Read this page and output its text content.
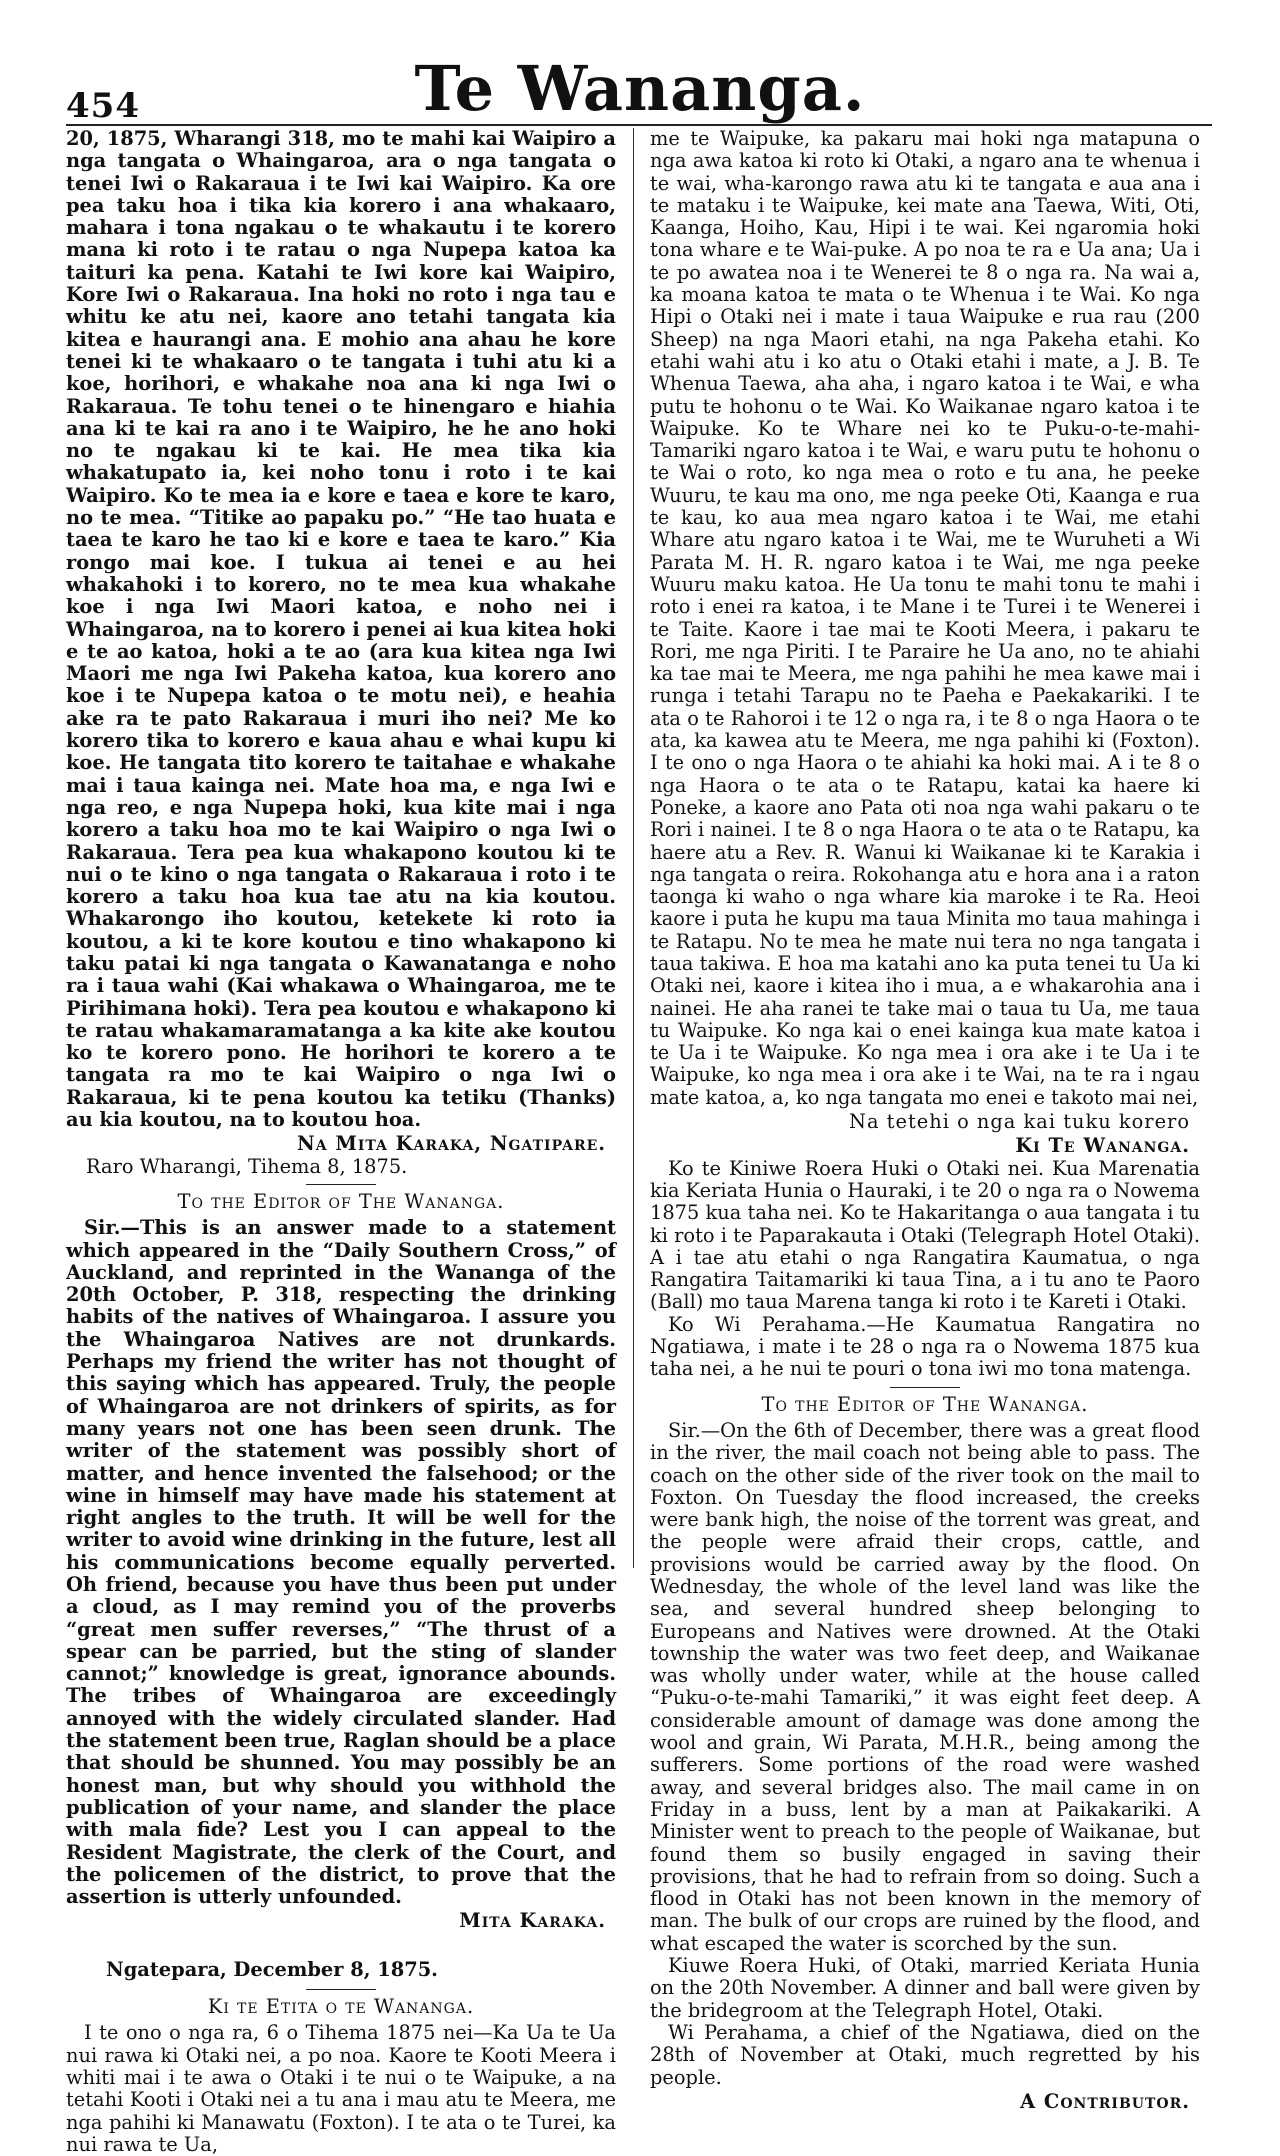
454	Te Wananga.

20, 1875, Wharangi 318, mo te mahi kai Waipiro a nga tangata o Whaingaroa, ara o nga tangata o tenei Iwi o Rakaraua i te Iwi kai Waipiro. Ka ore pea taku hoa i tika kia korero i ana whakaaro, mahara i tona ngakau o te whakautu i te korero mana ki roto i te ratau o nga Nupepa katoa ka taituri ka pena. Katahi te Iwi kore kai Waipiro, Kore Iwi o Rakaraua. Ina hoki no roto i nga tau e whitu ke atu nei, kaore ano tetahi tangata kia kitea e haurangi ana. E mohio ana ahau he kore tenei ki te whakaaro o te tangata i tuhi atu ki a koe, horihori, e whakahe noa ana ki nga Iwi o Rakaraua. Te tohu tenei o te hinengaro e hiahia ana ki te kai ra ano i te Waipiro, he he ano hoki no te ngakau ki te kai. He mea tika kia whakatupato ia, kei noho tonu i roto i te kai Waipiro. Ko te mea ia e kore e taea e kore te karo, no te mea. “Titike ao papaku po.” “He tao huata e taea te karo he tao ki e kore e taea te karo.” Kia rongo mai koe. I tukua ai tenei e au hei whakahoki i to korero, no te mea kua whakahe koe i nga Iwi Maori katoa, e noho nei i Whaingaroa, na to korero i penei ai kua kitea hoki e te ao katoa, hoki a te ao (ara kua kitea nga Iwi Maori me nga Iwi Pakeha katoa, kua korero ano koe i te Nupepa katoa o te motu nei), e heahia ake ra te pato Rakaraua i muri iho nei? Me ko korero tika to korero e kaua ahau e whai kupu ki koe. He tangata tito korero te taitahae e whakahe mai i taua kainga nei. Mate hoa ma, e nga Iwi e nga reo, e nga Nupepa hoki, kua kite mai i nga korero a taku hoa mo te kai Waipiro o nga Iwi o Rakaraua. Tera pea kua whakapono koutou ki te nui o te kino o nga tangata o Rakaraua i roto i te korero a taku hoa kua tae atu na kia koutou. Whakarongo iho koutou, ketekete ki roto ia koutou, a ki te kore koutou e tino whakapono ki taku patai ki nga tangata o Kawanatanga e noho ra i taua wahi (Kai whakawa o Whaingaroa, me te Pirihimana hoki). Tera pea koutou e whakapono ki te ratau whakamaramatanga a ka kite ake koutou ko te korero pono. He horihori te korero a te tangata ra mo te kai Waipiro o nga Iwi o Rakaraua, ki te pena koutou ka tetiku (Thanks) au kia koutou, na to koutou hoa.

Na Mita Karaka, Ngatipare.

Raro Wharangi, Tihema 8, 1875.

To the Editor of The Wananga.

Sir.—This is an answer made to a statement which appeared in the “Daily Southern Cross,” of Auckland, and reprinted in the Wananga of the 20th October, P. 318, respecting the drinking habits of the natives of Whaingaroa. I assure you the Whaingaroa Natives are not drunkards. Perhaps my friend the writer has not thought of this saying which has appeared. Truly, the people of Whaingaroa are not drinkers of spirits, as for many years not one has been seen drunk. The writer of the statement was possibly short of matter, and hence invented the falsehood; or the wine in himself may have made his statement at right angles to the truth. It will be well for the writer to avoid wine drinking in the future, lest all his communications become equally perverted. Oh friend, because you have thus been put under a cloud, as I may remind you of the proverbs “great men suffer reverses,” “The thrust of a spear can be parried, but the sting of slander cannot;” knowledge is great, ignorance abounds. The tribes of Whaingaroa are exceedingly annoyed with the widely circulated slander. Had the statement been true, Raglan should be a place that should be shunned. You may possibly be an honest man, but why should you withhold the publication of your name, and slander the place with mala fide? Lest you I can appeal to the Resident Magistrate, the clerk of the Court, and the policemen of the district, to prove that the assertion is utterly unfounded.

Mita Karaka.

Ngatepara, December 8, 1875.

Ki te Etita o te Wananga.

I te ono o nga ra, 6 o Tihema 1875 nei—Ka Ua te Ua nui rawa ki Otaki nei, a po noa. Kaore te Kooti Meera i whiti mai i te awa o Otaki i te nui o te Waipuke, a na tetahi Kooti i Otaki nei a tu ana i mau atu te Meera, me nga pahihi ki Manawatu (Foxton). I te ata o te Turei, ka nui rawa te Ua,

me te Waipuke, ka pakaru mai hoki nga matapuna o nga awa katoa ki roto ki Otaki, a ngaro ana te whenua i te wai, wha-karongo rawa atu ki te tangata e aua ana i te mataku i te Waipuke, kei mate ana Taewa, Witi, Oti, Kaanga, Hoiho, Kau, Hipi i te wai. Kei ngaromia hoki tona whare e te Wai-puke. A po noa te ra e Ua ana; Ua i te po awatea noa i te Wenerei te 8 o nga ra. Na wai a, ka moana katoa te mata o te Whenua i te Wai. Ko nga Hipi o Otaki nei i mate i taua Waipuke e rua rau (200 Sheep) na nga Maori etahi, na nga Pakeha etahi. Ko etahi wahi atu i ko atu o Otaki etahi i mate, a J. B. Te Whenua Taewa, aha aha, i ngaro katoa i te Wai, e wha putu te hohonu o te Wai. Ko Waikanae ngaro katoa i te Waipuke. Ko te Whare nei ko te Puku-o-te-mahi-Tamariki ngaro katoa i te Wai, e waru putu te hohonu o te Wai o roto, ko nga mea o roto e tu ana, he peeke Wuuru, te kau ma ono, me nga peeke Oti, Kaanga e rua te kau, ko aua mea ngaro katoa i te Wai, me etahi Whare atu ngaro katoa i te Wai, me te Wuruheti a Wi Parata M. H. R. ngaro katoa i te Wai, me nga peeke Wuuru maku katoa. He Ua tonu te mahi tonu te mahi i roto i enei ra katoa, i te Mane i te Turei i te Wenerei i te Taite. Kaore i tae mai te Kooti Meera, i pakaru te Rori, me nga Piriti. I te Paraire he Ua ano, no te ahiahi ka tae mai te Meera, me nga pahihi he mea kawe mai i runga i tetahi Tarapu no te Paeha e Paekakariki. I te ata o te Rahoroi i te 12 o nga ra, i te 8 o nga Haora o te ata, ka kawea atu te Meera, me nga pahihi ki (Foxton). I te ono o nga Haora o te ahiahi ka hoki mai. A i te 8 o nga Haora o te ata o te Ratapu, katai ka haere ki Poneke, a kaore ano Pata oti noa nga wahi pakaru o te Rori i nainei. I te 8 o nga Haora o te ata o te Ratapu, ka haere atu a Rev. R. Wanui ki Waikanae ki te Karakia i nga tangata o reira. Rokohanga atu e hora ana i a raton taonga ki waho o nga whare kia maroke i te Ra. Heoi kaore i puta he kupu ma taua Minita mo taua mahinga i te Ratapu. No te mea he mate nui tera no nga tangata i taua takiwa. E hoa ma katahi ano ka puta tenei tu Ua ki Otaki nei, kaore i kitea iho i mua, a e whakarohia ana i nainei. He aha ranei te take mai o taua tu Ua, me taua tu Waipuke. Ko nga kai o enei kainga kua mate katoa i te Ua i te Waipuke. Ko nga mea i ora ake i te Ua i te Waipuke, ko nga mea i ora ake i te Wai, na te ra i ngau mate katoa, a, ko nga tangata mo enei e takoto mai nei,

Na tetehi o nga kai tuku korero

Ki Te Wananga.

Ko te Kiniwe Roera Huki o Otaki nei. Kua Marenatia kia Keriata Hunia o Hauraki, i te 20 o nga ra o Nowema 1875 kua taha nei. Ko te Hakaritanga o aua tangata i tu ki roto i te Paparakauta i Otaki (Telegraph Hotel Otaki). A i tae atu etahi o nga Rangatira Kaumatua, o nga Rangatira Taitamariki ki taua Tina, a i tu ano te Paoro (Ball) mo taua Marena tanga ki roto i te Kareti i Otaki.

Ko Wi Perahama.—He Kaumatua Rangatira no Ngatiawa, i mate i te 28 o nga ra o Nowema 1875 kua taha nei, a he nui te pouri o tona iwi mo tona matenga.

To the Editor of The Wananga.

Sir.—On the 6th of December, there was a great flood in the river, the mail coach not being able to pass. The coach on the other side of the river took on the mail to Foxton. On Tuesday the flood increased, the creeks were bank high, the noise of the torrent was great, and the people were afraid their crops, cattle, and provisions would be carried away by the flood. On Wednesday, the whole of the level land was like the sea, and several hundred sheep belonging to Europeans and Natives were drowned. At the Otaki township the water was two feet deep, and Waikanae was wholly under water, while at the house called “Puku-o-te-mahi Tamariki,” it was eight feet deep. A considerable amount of damage was done among the wool and grain, Wi Parata, M.H.R., being among the sufferers. Some portions of the road were washed away, and several bridges also. The mail came in on Friday in a buss, lent by a man at Paikakariki. A Minister went to preach to the people of Waikanae, but found them so busily engaged in saving their provisions, that he had to refrain from so doing. Such a flood in Otaki has not been known in the memory of man. The bulk of our crops are ruined by the flood, and what escaped the water is scorched by the sun.

Kiuwe Roera Huki, of Otaki, married Keriata Hunia on the 20th November. A dinner and ball were given by the bridegroom at the Telegraph Hotel, Otaki.

Wi Perahama, a chief of the Ngatiawa, died on the 28th of November at Otaki, much regretted by his people.

A Contributor.
